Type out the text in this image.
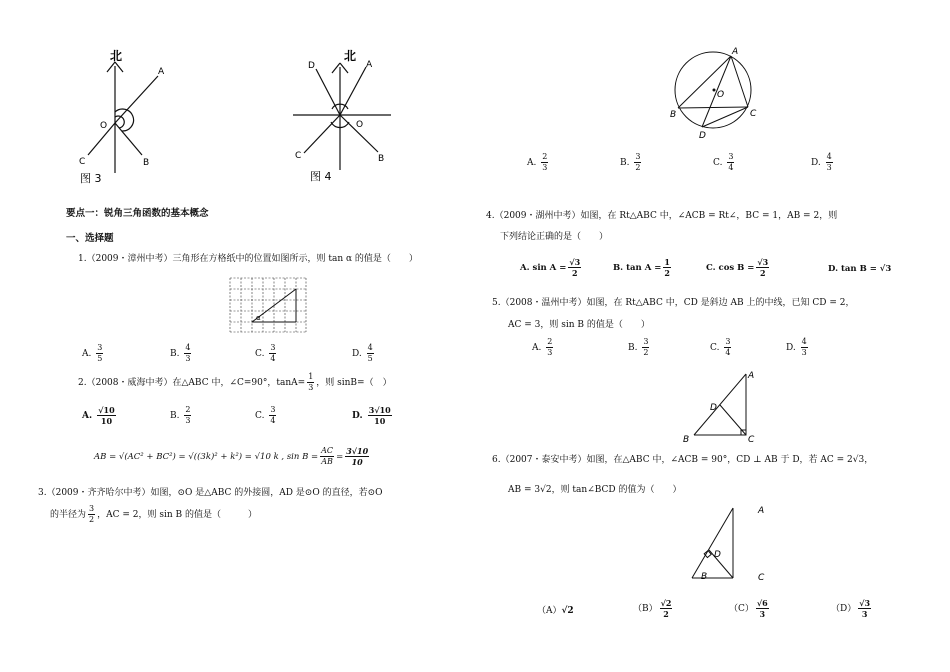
北
A
O
C	B
图 3
北
D	A
O
C	B
图 4
要点一：锐角三角函数的基本概念
一、选择题
1.（2009・漳州中考）三角形在方格纸中的位置如图所示，则 tan α 的值是（　　）
α
A. $\frac{3}{5}$	B. $\frac{4}{3}$	C. $\frac{3}{4}$	D. $\frac{4}{5}$
2.（2008・威海中考）在△ABC 中，∠C=90°，$\tan A= \frac{1}{3}$ ，则 sinB=（　）
A. $\frac{√10}{10}$	B. $\frac{2}{3}$	C. $\frac{3}{4}$	D. $\frac{3√10}{10}$
AB = √(AC² + BC²) = √((3k)² + k²) = √10 k , $\sin B = \frac{AC}{AB} = \frac{3√10}{10}$
3.（2009・齐齐哈尔中考）如图，⊙O 是△ABC 的外接圆，AD 是⊙O 的直径，若⊙O
的半径为 $\frac{3}{2}$ ，AC = 2，则 sin B 的值是（　　　）
A
O
B	C
D
A. $\frac{2}{3}$	B. $\frac{3}{2}$	C. $\frac{3}{4}$	D. $\frac{4}{3}$
4.（2009・湖州中考）如图，在 Rt△ABC 中，∠ACB = Rt∠，BC = 1，AB = 2，则
下列结论正确的是（　　）
A. $\sin A = \frac{√3}{2}$	B. $\tan A = \frac{1}{2}$	C. $\cos B = \frac{√3}{2}$	D. tan B = √3
5.（2008・温州中考）如图，在 Rt△ABC 中，CD 是斜边 AB 上的中线，已知 CD = 2，
AC = 3，则 sin B 的值是（　　）
A. $\frac{2}{3}$	B. $\frac{3}{2}$	C. $\frac{3}{4}$	D. $\frac{4}{3}$
A
D
B	C
6.（2007・泰安中考）如图，在△ABC 中，∠ACB = 90°，CD ⊥ AB 于 D，若 AC = 2√3，
AB = 3√2，则 tan∠BCD 的值为（　　）
A
D
B	C
（A）√2	$(B) \frac{√2}{2}$	$(C) \frac{√6}{3}$	$(D) \frac{√3}{3}$
